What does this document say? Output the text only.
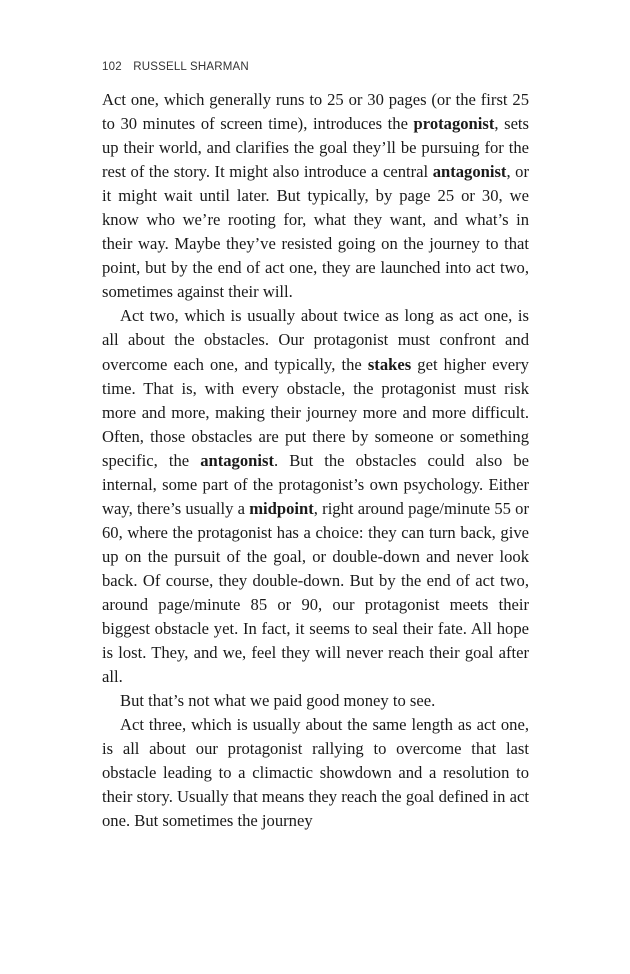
102 RUSSELL SHARMAN

Act one, which generally runs to 25 or 30 pages (or the first 25 to 30 minutes of screen time), introduces the protagonist, sets up their world, and clarifies the goal they’ll be pursuing for the rest of the story. It might also introduce a central antagonist, or it might wait until later. But typically, by page 25 or 30, we know who we’re rooting for, what they want, and what’s in their way. Maybe they’ve resisted going on the journey to that point, but by the end of act one, they are launched into act two, sometimes against their will.

Act two, which is usually about twice as long as act one, is all about the obstacles. Our protagonist must confront and overcome each one, and typically, the stakes get higher every time. That is, with every obstacle, the protagonist must risk more and more, making their journey more and more difficult. Often, those obstacles are put there by someone or something specific, the antagonist. But the obstacles could also be internal, some part of the protagonist’s own psychology. Either way, there’s usually a midpoint, right around page/minute 55 or 60, where the protagonist has a choice: they can turn back, give up on the pursuit of the goal, or double-down and never look back. Of course, they double-down. But by the end of act two, around page/minute 85 or 90, our protagonist meets their biggest obstacle yet. In fact, it seems to seal their fate. All hope is lost. They, and we, feel they will never reach their goal after all.

But that’s not what we paid good money to see.

Act three, which is usually about the same length as act one, is all about our protagonist rallying to overcome that last obstacle leading to a climactic showdown and a resolution to their story. Usually that means they reach the goal defined in act one. But sometimes the journey
